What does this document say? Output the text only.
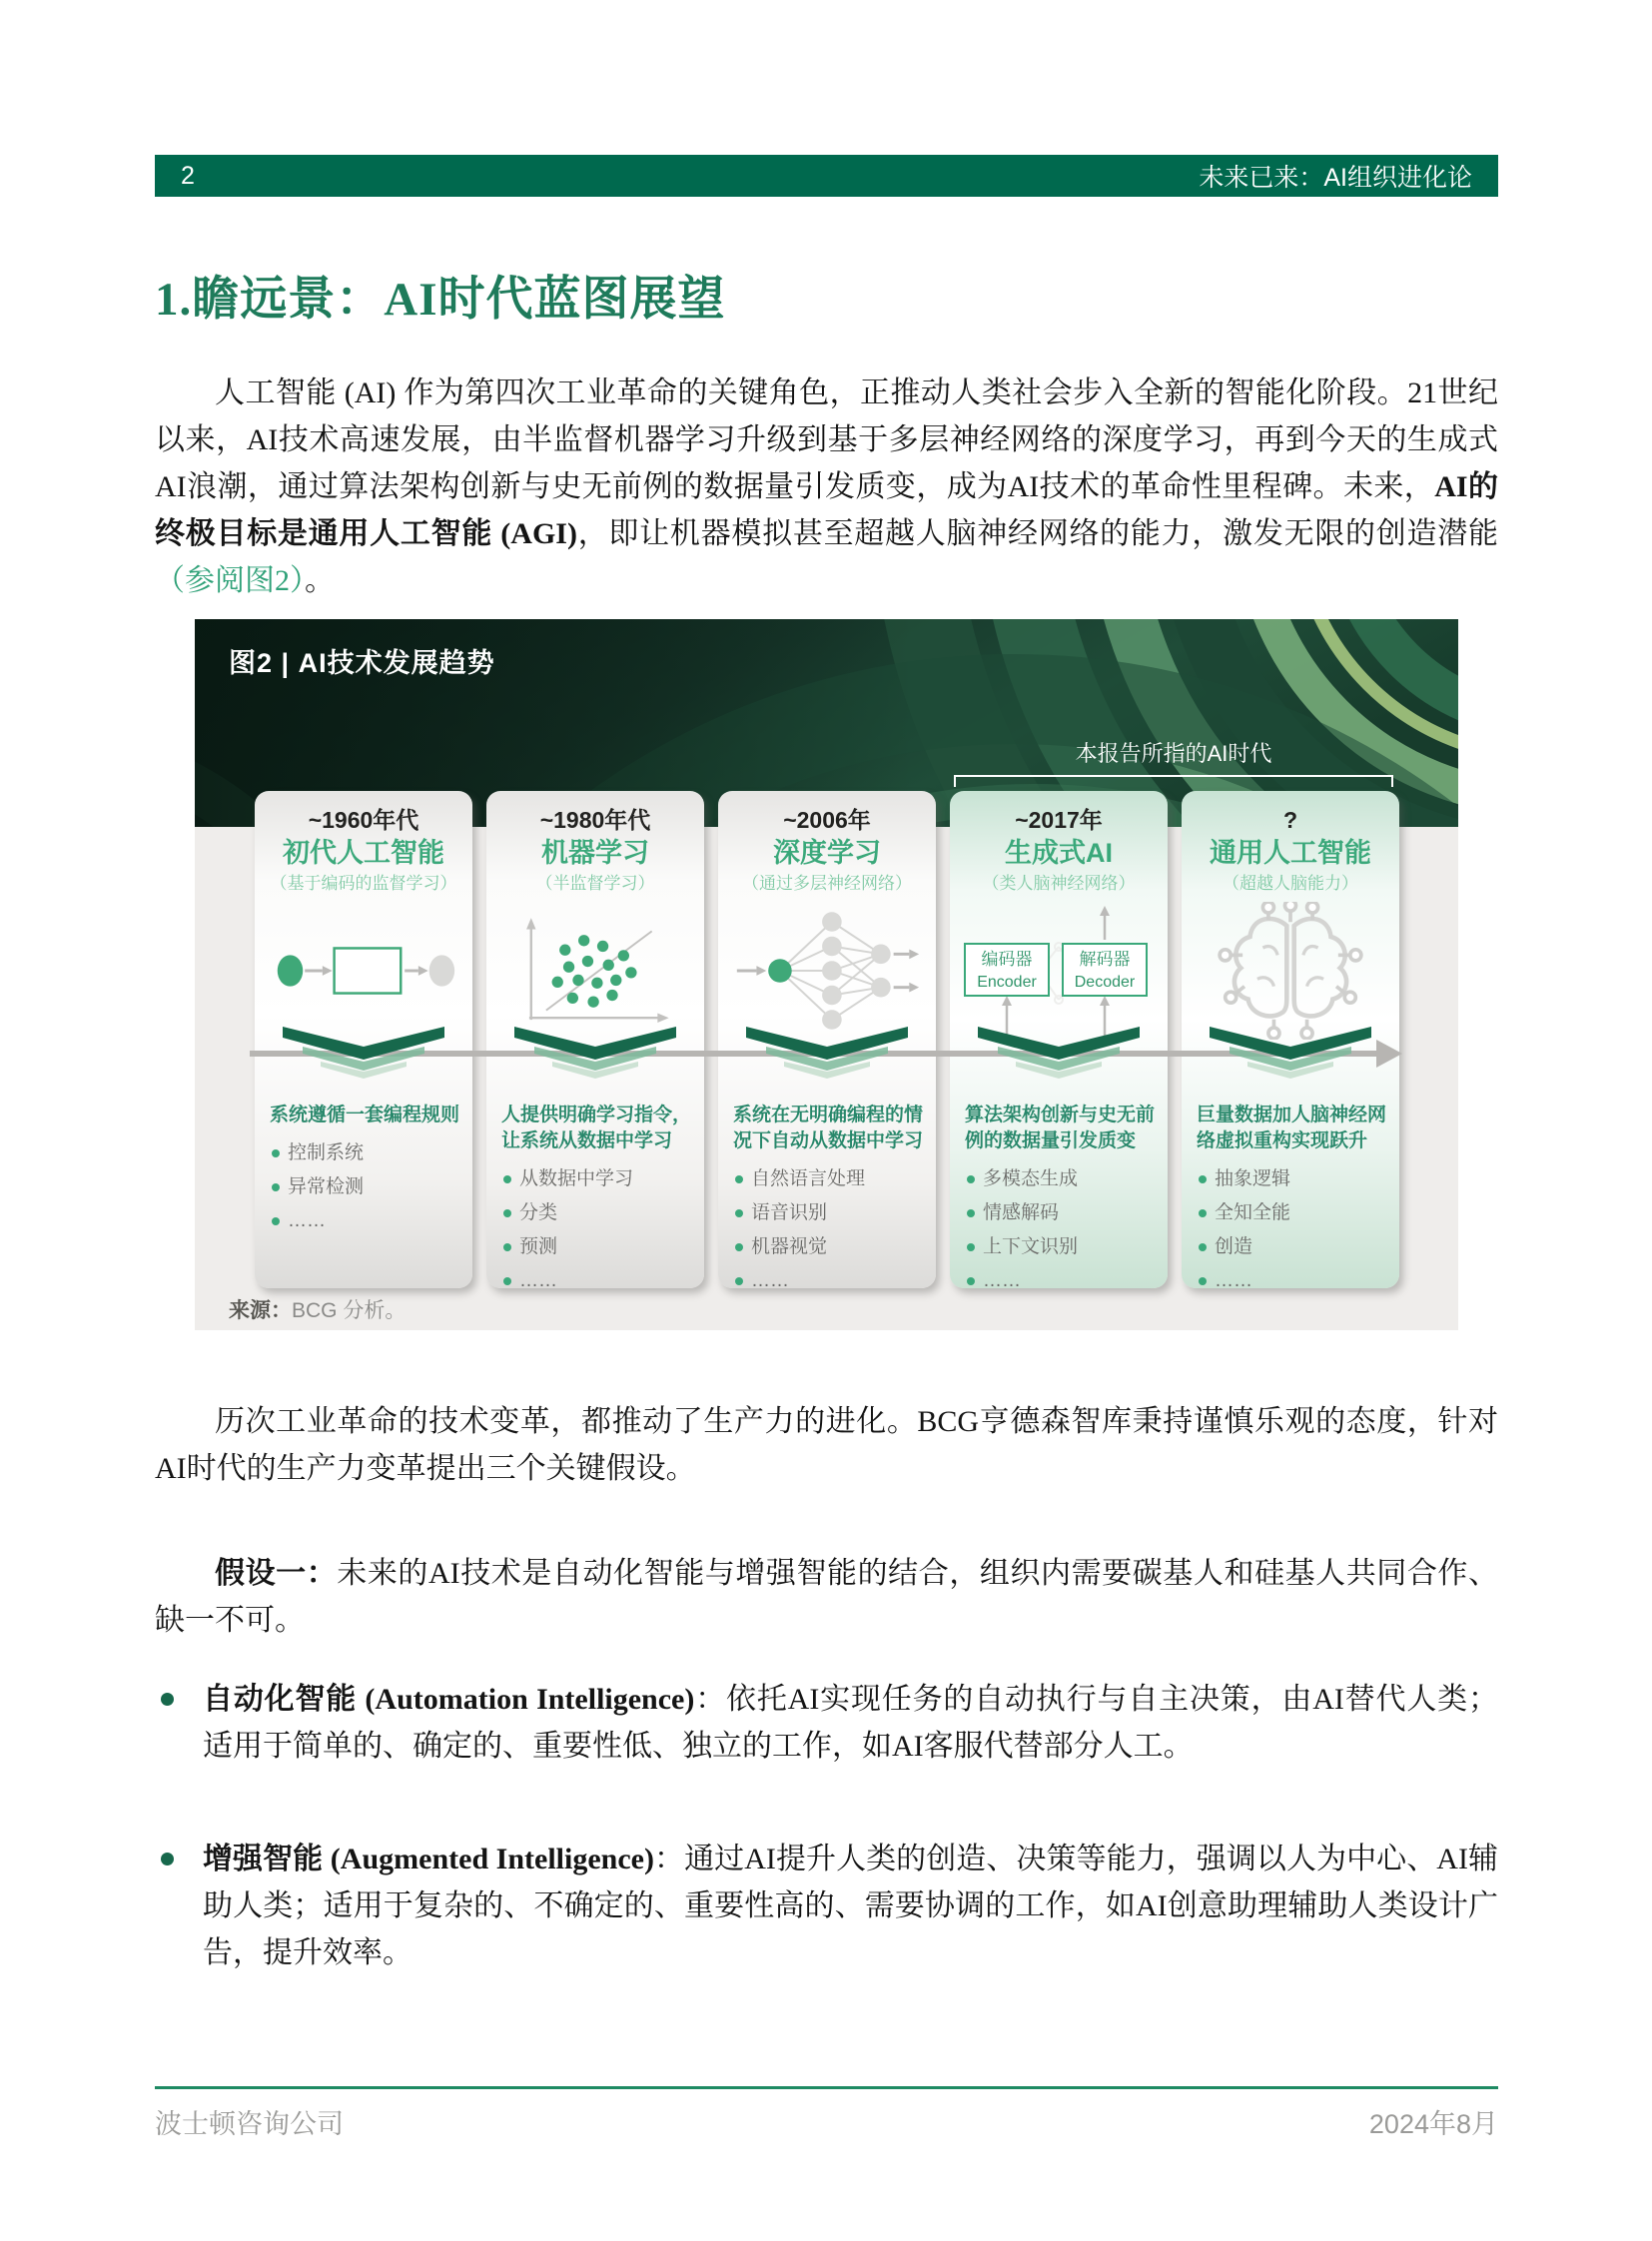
2	未来已来：AI组织进化论
1.瞻远景：AI时代蓝图展望

人工智能 (AI) 作为第四次工业革命的关键角色，正推动人类社会步入全新的智能化阶段。21世纪以来，AI技术高速发展，由半监督机器学习升级到基于多层神经网络的深度学习，再到今天的生成式AI浪潮，通过算法架构创新与史无前例的数据量引发质变，成为AI技术的革命性里程碑。未来，AI的终极目标是通用人工智能 (AGI)，即让机器模拟甚至超越人脑神经网络的能力，激发无限的创造潜能（参阅图2）。

图2 | AI技术发展趋势
本报告所指的AI时代
~1960年代
初代人工智能
（基于编码的监督学习）
系统遵循一套编程规则
控制系统
异常检测
……
~1980年代
机器学习
（半监督学习）
人提供明确学习指令，让系统从数据中学习
从数据中学习
分类
预测
……
~2006年
深度学习
（通过多层神经网络）
系统在无明确编程的情况下自动从数据中学习
自然语言处理
语音识别
机器视觉
……
~2017年
生成式AI
（类人脑神经网络）
编码器
Encoder
解码器
Decoder
算法架构创新与史无前例的数据量引发质变
多模态生成
情感解码
上下文识别
……
?
通用人工智能
（超越人脑能力）
巨量数据加人脑神经网络虚拟重构实现跃升
抽象逻辑
全知全能
创造
……
来源：BCG 分析。

历次工业革命的技术变革，都推动了生产力的进化。BCG亨德森智库秉持谨慎乐观的态度，针对AI时代的生产力变革提出三个关键假设。

假设一：未来的AI技术是自动化智能与增强智能的结合，组织内需要碳基人和硅基人共同合作、缺一不可。

自动化智能 (Automation Intelligence)：依托AI实现任务的自动执行与自主决策，由AI替代人类；适用于简单的、确定的、重要性低、独立的工作，如AI客服代替部分人工。
增强智能 (Augmented Intelligence)：通过AI提升人类的创造、决策等能力，强调以人为中心、AI辅助人类；适用于复杂的、不确定的、重要性高的、需要协调的工作，如AI创意助理辅助人类设计广告，提升效率。
波士顿咨询公司	2024年8月
